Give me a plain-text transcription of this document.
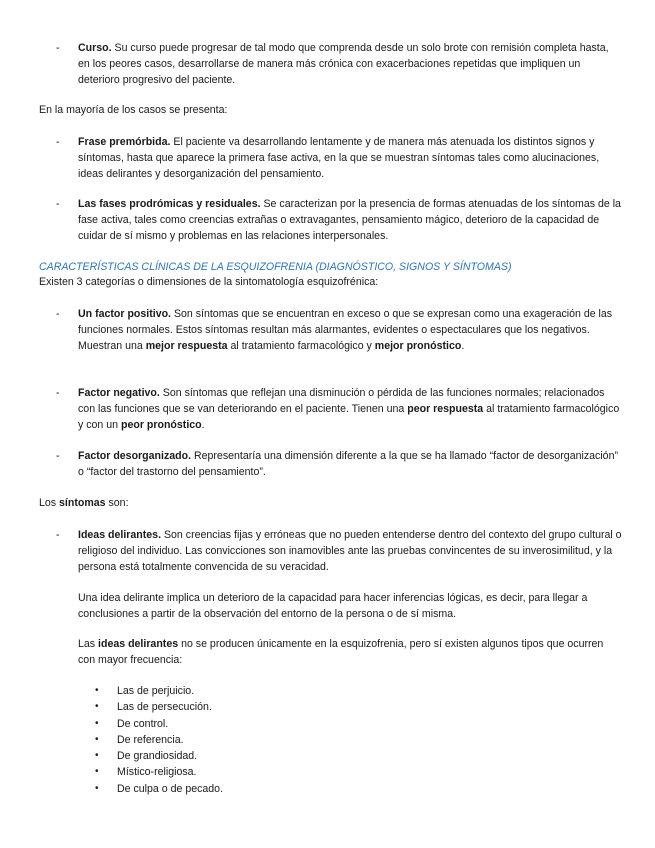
- Curso. Su curso puede progresar de tal modo que comprenda desde un solo brote con remisión completa hasta, en los peores casos, desarrollarse de manera más crónica con exacerbaciones repetidas que impliquen un deterioro progresivo del paciente.
En la mayoría de los casos se presenta:
- Frase premórbida. El paciente va desarrollando lentamente y de manera más atenuada los distintos signos y síntomas, hasta que aparece la primera fase activa, en la que se muestran síntomas tales como alucinaciones, ideas delirantes y desorganización del pensamiento.
- Las fases prodrómicas y residuales. Se caracterizan por la presencia de formas atenuadas de los síntomas de la fase activa, tales como creencias extrañas o extravagantes, pensamiento mágico, deterioro de la capacidad de cuidar de sí mismo y problemas en las relaciones interpersonales.
CARACTERÍSTICAS CLÍNICAS DE LA ESQUIZOFRENIA (DIAGNÓSTICO, SIGNOS Y SÍNTOMAS)
Existen 3 categorías o dimensiones de la sintomatología esquizofrénica:
- Un factor positivo. Son síntomas que se encuentran en exceso o que se expresan como una exageración de las funciones normales. Estos síntomas resultan más alarmantes, evidentes o espectaculares que los negativos. Muestran una mejor respuesta al tratamiento farmacológico y mejor pronóstico.
- Factor negativo. Son síntomas que reflejan una disminución o pérdida de las funciones normales; relacionados con las funciones que se van deteriorando en el paciente. Tienen una peor respuesta al tratamiento farmacológico y con un peor pronóstico.
- Factor desorganizado. Representaría una dimensión diferente a la que se ha llamado “factor de desorganización” o “factor del trastorno del pensamiento”.
Los síntomas son:
- Ideas delirantes. Son creencias fijas y erróneas que no pueden entenderse dentro del contexto del grupo cultural o religioso del individuo. Las convicciones son inamovibles ante las pruebas convincentes de su inverosimilitud, y la persona está totalmente convencida de su veracidad.
Una idea delirante implica un deterioro de la capacidad para hacer inferencias lógicas, es decir, para llegar a conclusiones a partir de la observación del entorno de la persona o de sí misma.
Las ideas delirantes no se producen únicamente en la esquizofrenia, pero sí existen algunos tipos que ocurren con mayor frecuencia:
• Las de perjuicio.
• Las de persecución.
• De control.
• De referencia.
• De grandiosidad.
• Místico-religiosa.
• De culpa o de pecado.
